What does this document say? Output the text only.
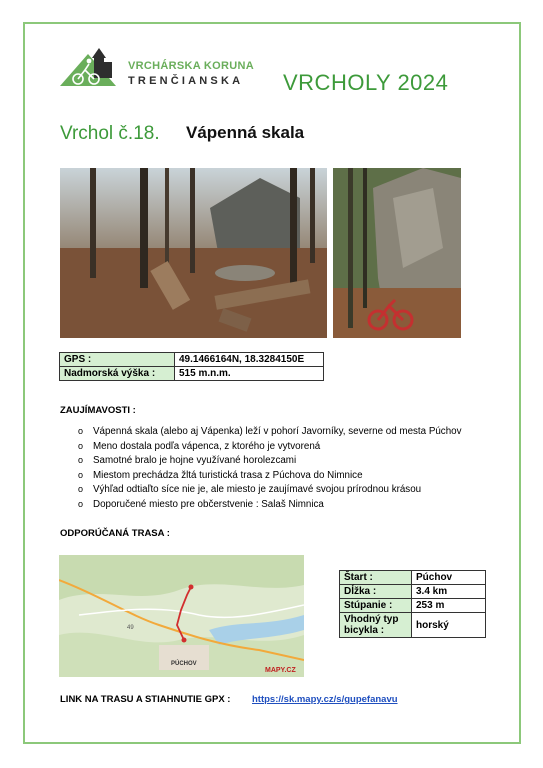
VRCHÁRSKA KORUNA
TRENČIANSKA VRCHOLY 2024
Vrchol č.18. Vápenná skala
GPS :	49.1466164N, 18.3284150E
Nadmorská výška :	515 m.n.m.
ZAUJÍMAVOSTI :
o Vápenná skala (alebo aj Vápenka) leží v pohorí Javorníky, severne od mesta Púchov
o Meno dostala podľa vápenca, z ktorého je vytvorená
o Samotné bralo je hojne využívané horolezcami
o Miestom prechádza žltá turistická trasa z Púchova do Nimnice
o Výhľad odtiaľto síce nie je, ale miesto je zaujímavé svojou prírodnou krásou
o Doporučené miesto pre občerstvenie : Salaš Nimnica
ODPORÚČANÁ TRASA :
49
PÚCHOV
MAPY.CZ
Štart :	Púchov
Dĺžka :	3.4 km
Stúpanie :	253 m
Vhodný typ bicykla :	horský
LINK NA TRASU A STIAHNUTIE GPX : https://sk.mapy.cz/s/gupefanavu
